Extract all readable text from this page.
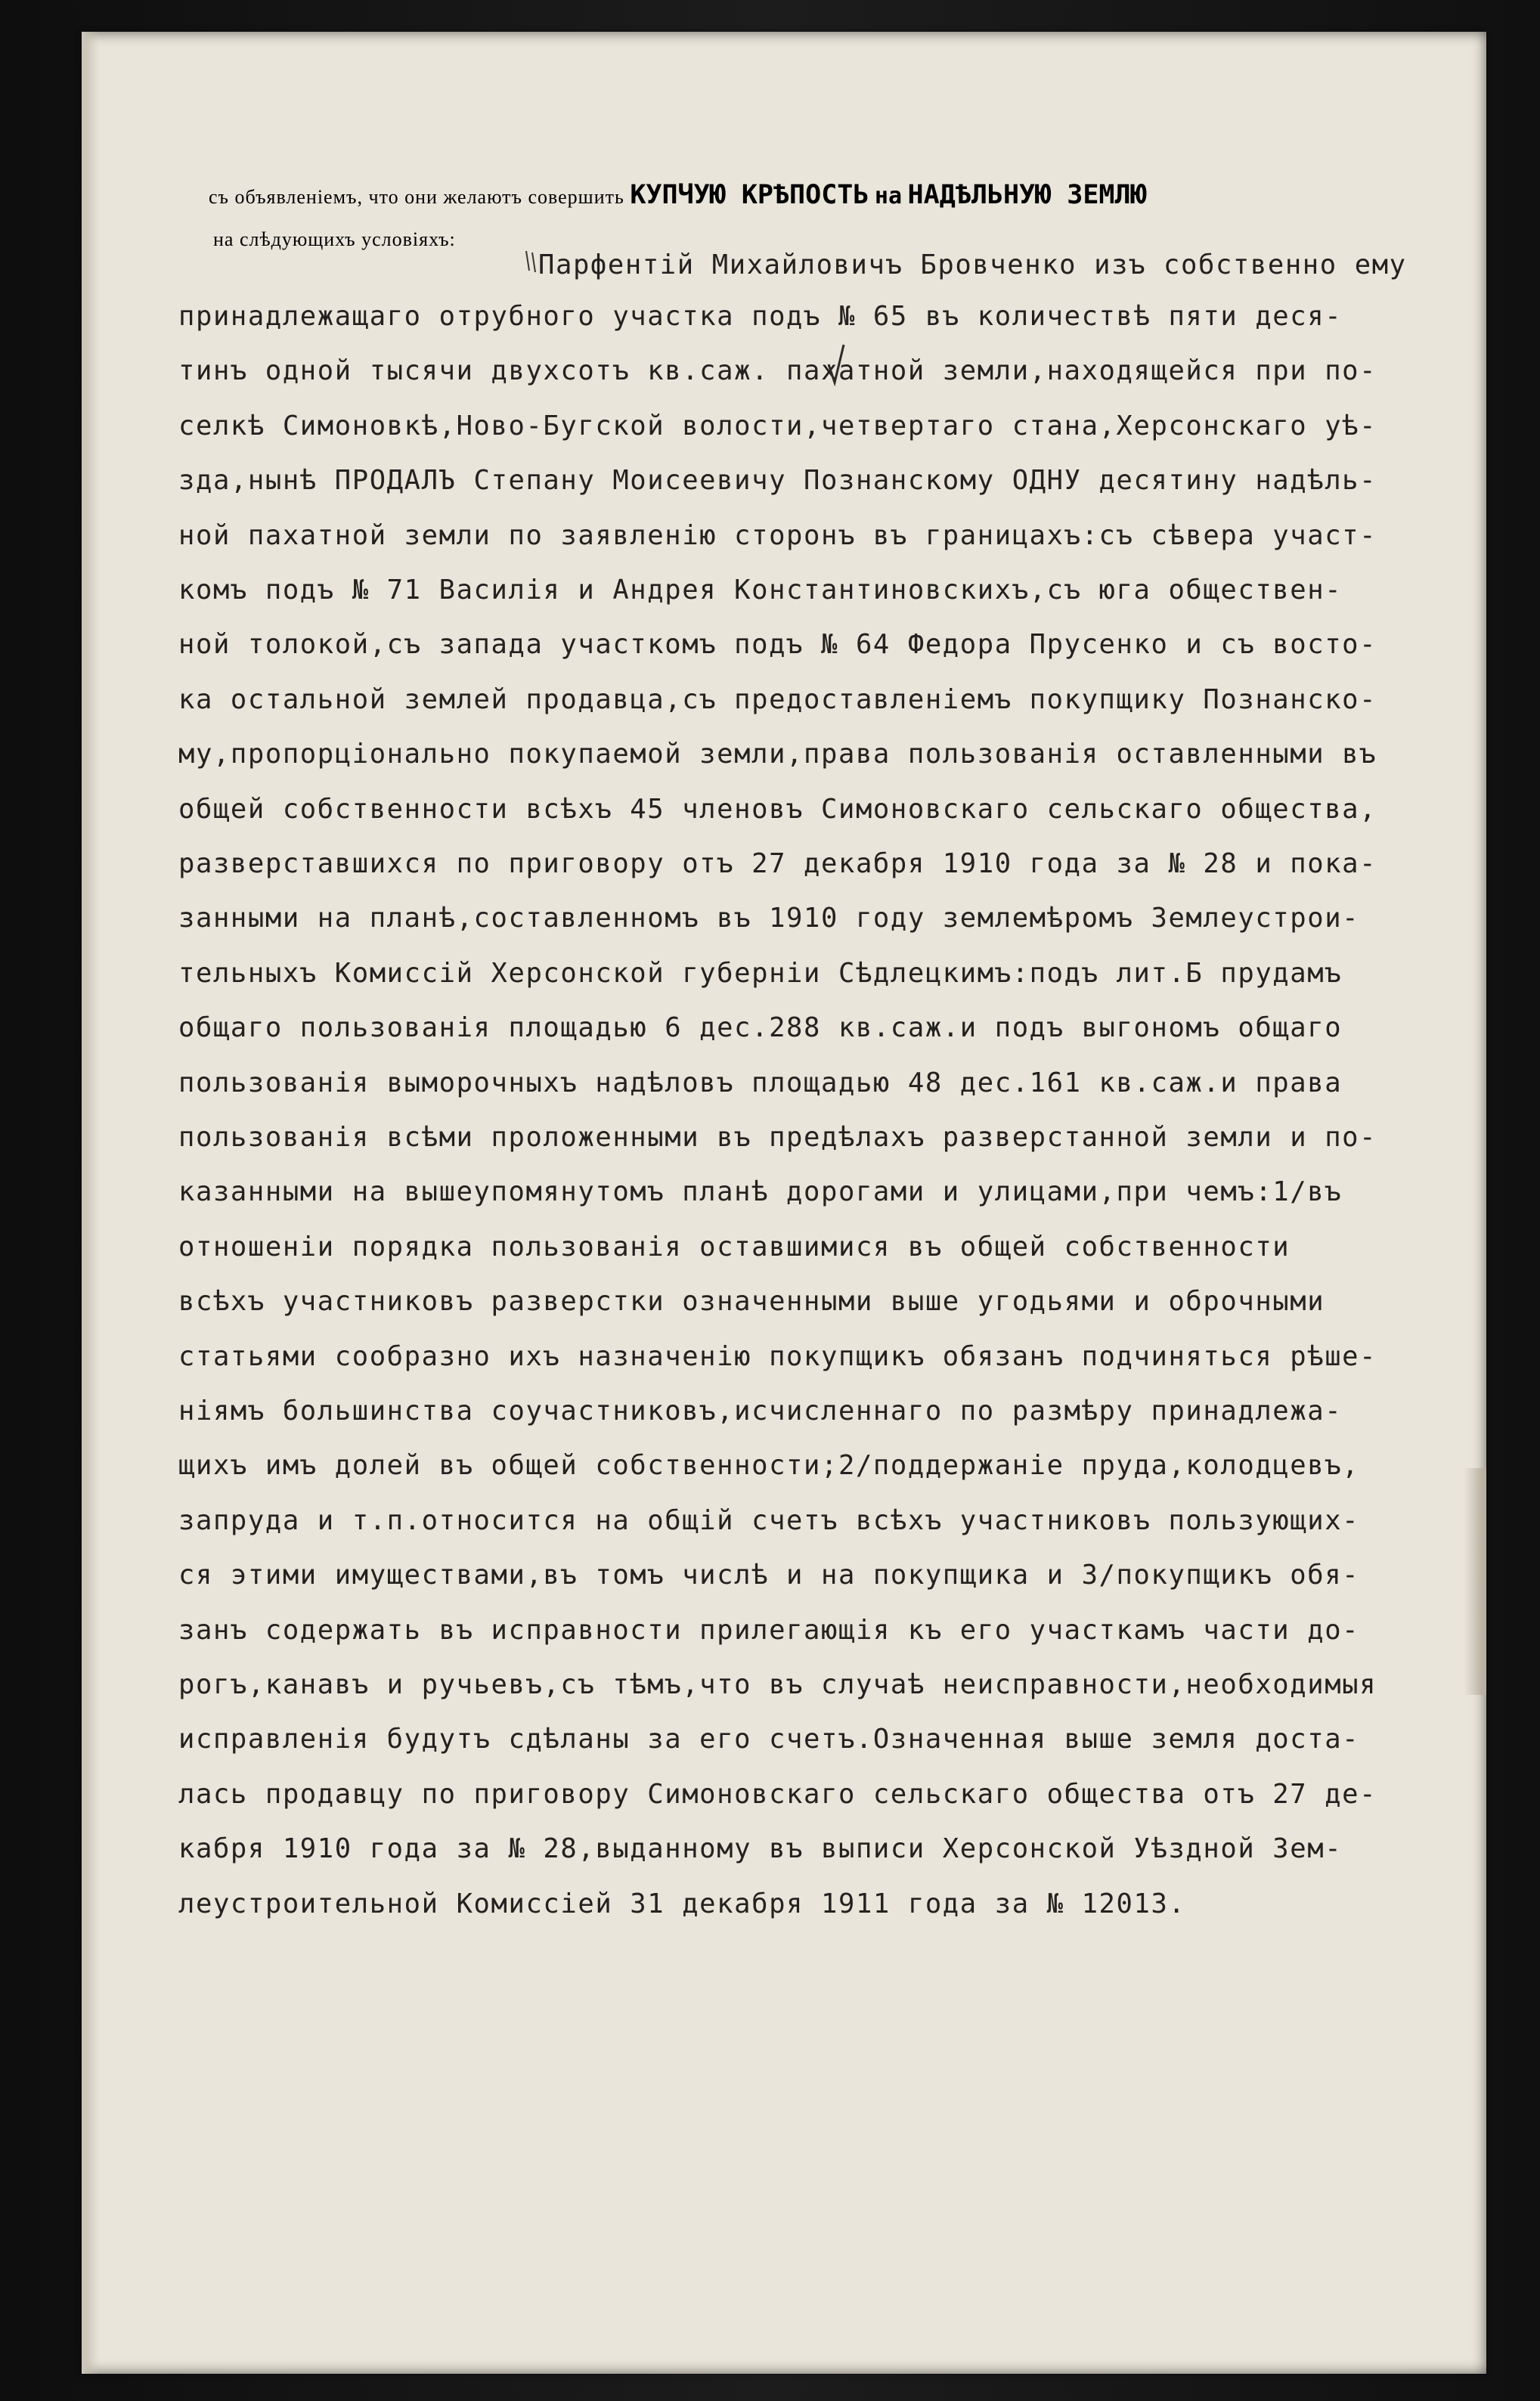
съ объявленіемъ, что они желаютъ совершить КУПЧУЮ КРѢПОСТЬ на НАДѢЛЬНУЮ ЗЕМЛЮ
на слѣдующихъ условіяхъ:
Парфентій Михайловичъ Бровченко изъ собственно ему
принадлежащаго отрубного участка подъ № 65 въ количествѣ пяти деся-
тинъ одной тысячи двухсотъ кв.саж. пахатной земли,находящейся при по-
селкѣ Симоновкѣ,Ново-Бугской волости,четвертаго стана,Херсонскаго уѣ-
зда,нынѣ ПРОДАЛЪ Степану Моисеевичу Познанскому ОДНУ десятину надѣль-
ной пахатной земли по заявленію сторонъ въ границахъ:съ сѣвера участ-
комъ подъ № 71 Василія и Андрея Константиновскихъ,съ юга обществен-
ной толокой,съ запада участкомъ подъ № 64 Федора Прусенко и съ восто-
ка остальной землей продавца,съ предоставленіемъ покупщику Познанско-
му,пропорціонально покупаемой земли,права пользованія оставленными въ
общей собственности всѣхъ 45 членовъ Симоновскаго сельскаго общества,
разверставшихся по приговору отъ 27 декабря 1910 года за № 28 и пока-
занными на планѣ,составленномъ въ 1910 году землемѣромъ Землеустрои-
тельныхъ Комиссій Херсонской губерніи Сѣдлецкимъ:подъ лит.Б прудамъ
общаго пользованія площадью 6 дес.288 кв.саж.и подъ выгономъ общаго
пользованія выморочныхъ надѣловъ площадью 48 дес.161 кв.саж.и права
пользованія всѣми проложенными въ предѣлахъ разверстанной земли и по-
казанными на вышеупомянутомъ планѣ дорогами и улицами,при чемъ:1/въ
отношеніи порядка пользованія оставшимися въ общей собственности
всѣхъ участниковъ разверстки означенными выше угодьями и оброчными
статьями сообразно ихъ назначенію покупщикъ обязанъ подчиняться рѣше-
ніямъ большинства соучастниковъ,исчисленнаго по размѣру принадлежа-
щихъ имъ долей въ общей собственности;2/поддержаніе пруда,колодцевъ,
запруда и т.п.относится на общій счетъ всѣхъ участниковъ пользующих-
ся этими имуществами,въ томъ числѣ и на покупщика и 3/покупщикъ обя-
занъ содержать въ исправности прилегающія къ его участкамъ части до-
рогъ,канавъ и ручьевъ,съ тѣмъ,что въ случаѣ неисправности,необходимыя
исправленія будутъ сдѣланы за его счетъ.Означенная выше земля доста-
лась продавцу по приговору Симоновскаго сельскаго общества отъ 27 де-
кабря 1910 года за № 28,выданному въ выписи Херсонской Уѣздной Зем-
леустроительной Комиссіей 31 декабря 1911 года за № 12013.
